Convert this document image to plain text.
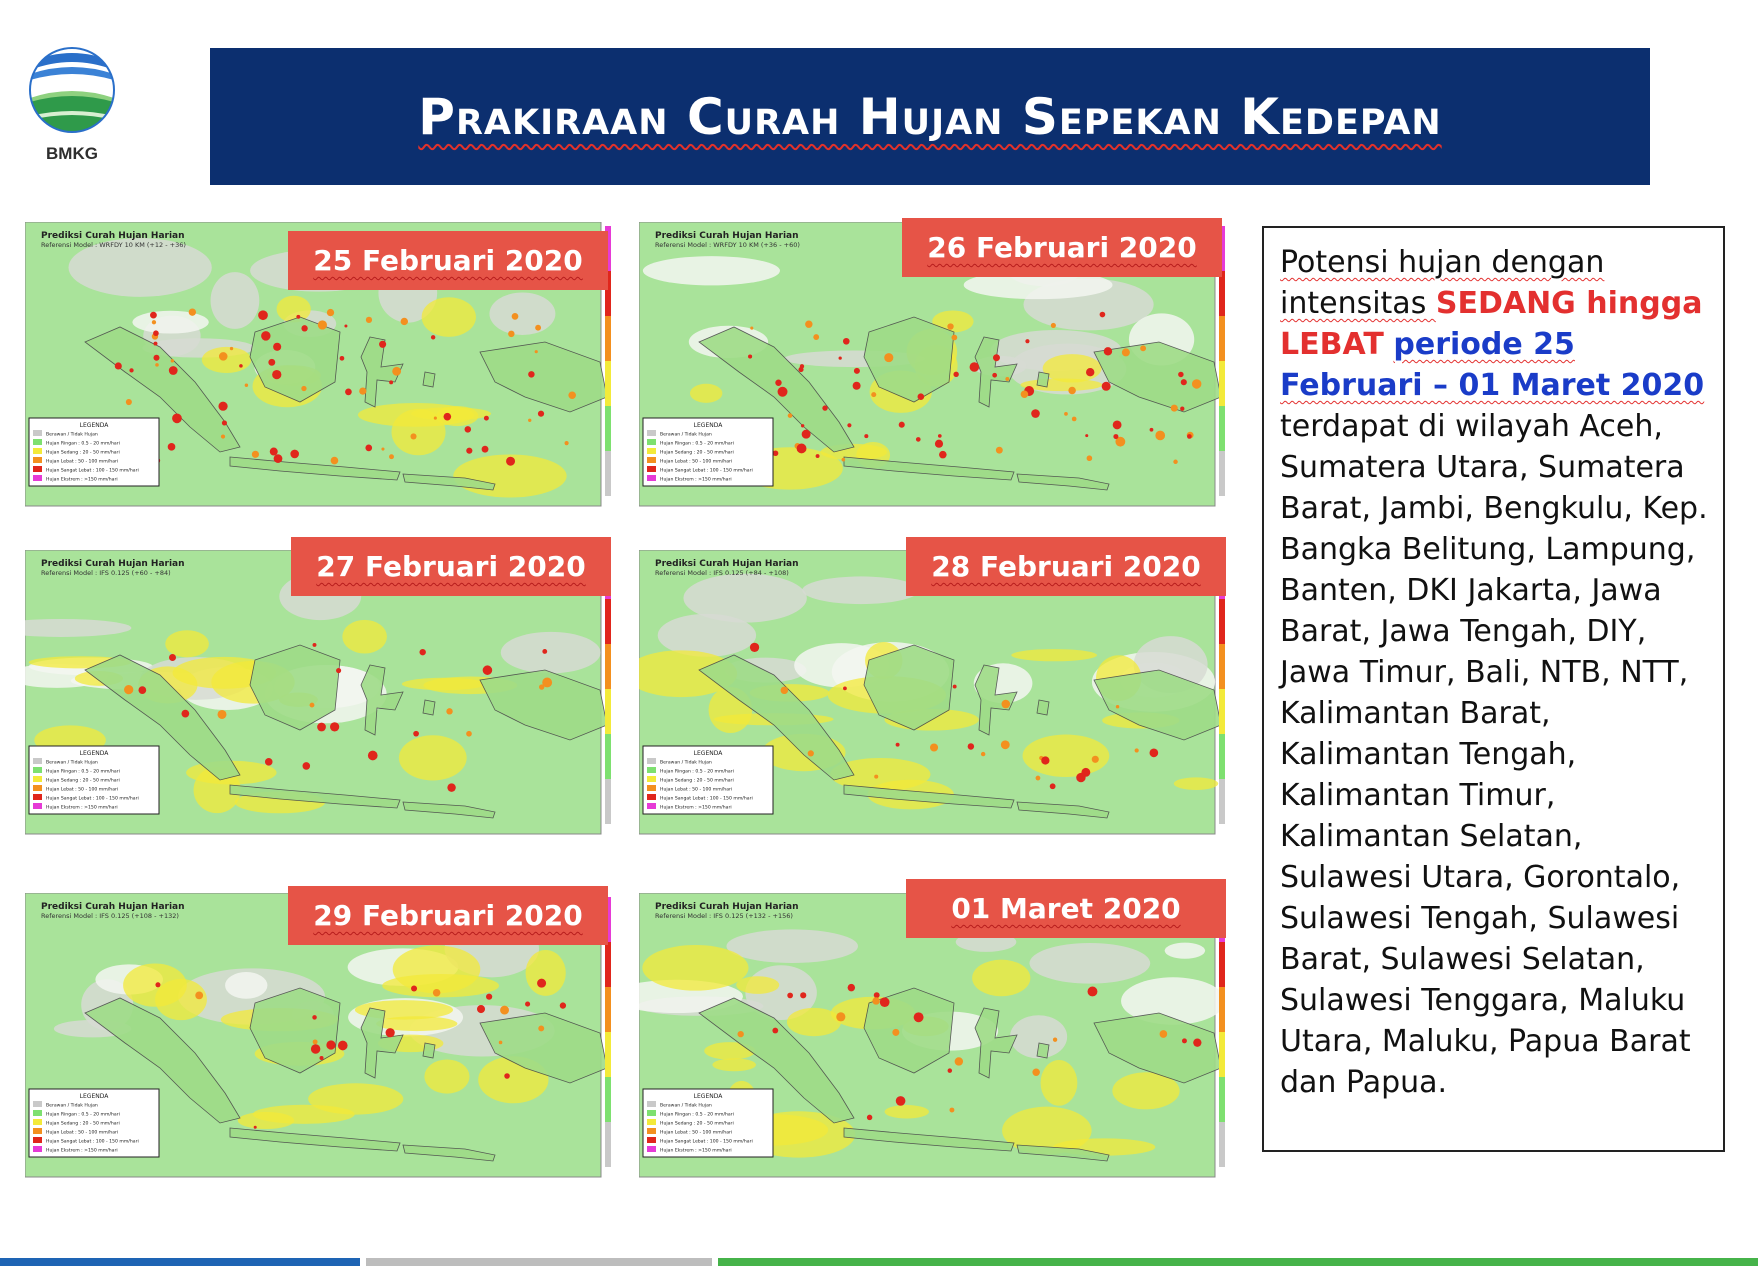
BMKG
Prakiraan Curah Hujan Sepekan Kedepan
Prediksi Curah Hujan Harian
Referensi Model : WRFDY 10 KM (+12 - +36)
LEGENDA
Berawan / Tidak Hujan
Hujan Ringan : 0.5 - 20 mm/hari
Hujan Sedang : 20 - 50 mm/hari
Hujan Lebat : 50 - 100 mm/hari
Hujan Sangat Lebat : 100 - 150 mm/hari
Hujan Ekstrem : >150 mm/hari
Prediksi Curah Hujan Harian
Referensi Model : WRFDY 10 KM (+36 - +60)
LEGENDA
Berawan / Tidak Hujan
Hujan Ringan : 0.5 - 20 mm/hari
Hujan Sedang : 20 - 50 mm/hari
Hujan Lebat : 50 - 100 mm/hari
Hujan Sangat Lebat : 100 - 150 mm/hari
Hujan Ekstrem : >150 mm/hari
Prediksi Curah Hujan Harian
Referensi Model : IFS 0.125 (+60 - +84)
LEGENDA
Berawan / Tidak Hujan
Hujan Ringan : 0.5 - 20 mm/hari
Hujan Sedang : 20 - 50 mm/hari
Hujan Lebat : 50 - 100 mm/hari
Hujan Sangat Lebat : 100 - 150 mm/hari
Hujan Ekstrem : >150 mm/hari
Prediksi Curah Hujan Harian
Referensi Model : IFS 0.125 (+84 - +108)
LEGENDA
Berawan / Tidak Hujan
Hujan Ringan : 0.5 - 20 mm/hari
Hujan Sedang : 20 - 50 mm/hari
Hujan Lebat : 50 - 100 mm/hari
Hujan Sangat Lebat : 100 - 150 mm/hari
Hujan Ekstrem : >150 mm/hari
Prediksi Curah Hujan Harian
Referensi Model : IFS 0.125 (+108 - +132)
LEGENDA
Berawan / Tidak Hujan
Hujan Ringan : 0.5 - 20 mm/hari
Hujan Sedang : 20 - 50 mm/hari
Hujan Lebat : 50 - 100 mm/hari
Hujan Sangat Lebat : 100 - 150 mm/hari
Hujan Ekstrem : >150 mm/hari
Prediksi Curah Hujan Harian
Referensi Model : IFS 0.125 (+132 - +156)
LEGENDA
Berawan / Tidak Hujan
Hujan Ringan : 0.5 - 20 mm/hari
Hujan Sedang : 20 - 50 mm/hari
Hujan Lebat : 50 - 100 mm/hari
Hujan Sangat Lebat : 100 - 150 mm/hari
Hujan Ekstrem : >150 mm/hari
25 Februari 2020	26 Februari 2020
27 Februari 2020	28 Februari 2020
29 Februari 2020	01 Maret 2020

Potensi hujan dengan intensitas SEDANG hingga LEBAT periode 25 Februari – 01 Maret 2020 terdapat di wilayah Aceh, Sumatera Utara, Sumatera Barat, Jambi, Bengkulu, Kep. Bangka Belitung, Lampung, Banten, DKI Jakarta, Jawa Barat, Jawa Tengah, DIY, Jawa Timur, Bali, NTB, NTT, Kalimantan Barat, Kalimantan Tengah, Kalimantan Timur, Kalimantan Selatan, Sulawesi Utara, Gorontalo, Sulawesi Tengah, Sulawesi Barat, Sulawesi Selatan, Sulawesi Tenggara, Maluku Utara, Maluku, Papua Barat dan Papua.
